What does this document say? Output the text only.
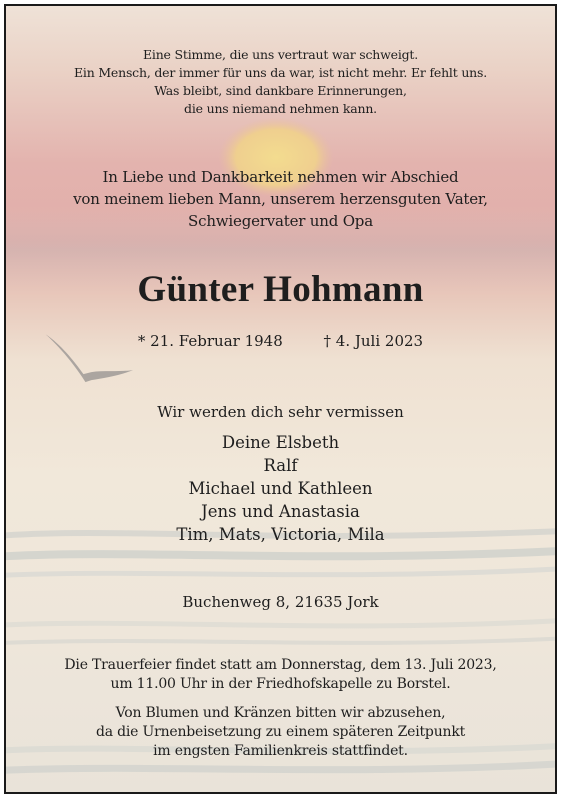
Eine Stimme, die uns vertraut war schweigt.
Ein Mensch, der immer für uns da war, ist nicht mehr. Er fehlt uns.
Was bleibt, sind dankbare Erinnerungen,
die uns niemand nehmen kann.
In Liebe und Dankbarkeit nehmen wir Abschied
von meinem lieben Mann, unserem herzensguten Vater,
Schwiegervater und Opa
Günter Hohmann
* 21. Februar 1948	† 4. Juli 2023
Wir werden dich sehr vermissen
Deine Elsbeth
Ralf
Michael und Kathleen
Jens und Anastasia
Tim, Mats, Victoria, Mila
Buchenweg 8, 21635 Jork
Die Trauerfeier findet statt am Donnerstag, dem 13. Juli 2023,
um 11.00 Uhr in der Friedhofskapelle zu Borstel.
Von Blumen und Kränzen bitten wir abzusehen,
da die Urnenbeisetzung zu einem späteren Zeitpunkt
im engsten Familienkreis stattfindet.
